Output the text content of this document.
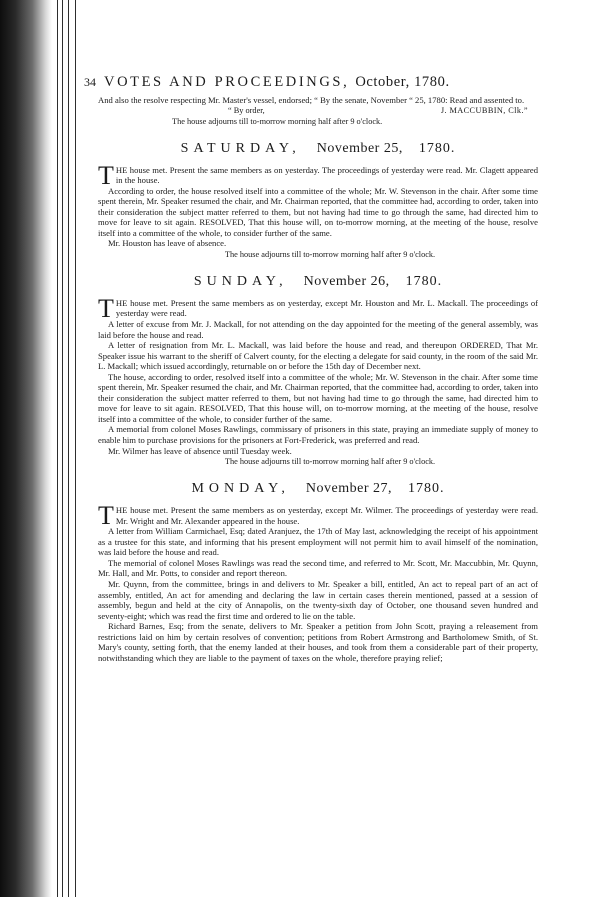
34 VOTES AND PROCEEDINGS, October, 1780.

And also the resolve respecting Mr. Master's vessel, endorsed; “ By the senate, November “ 25, 1780: Read and assented to.

“ By order,	J. MACCUBBIN, Clk.”
The house adjourns till to-morrow morning half after 9 o'clock.
SATURDAY, November 25, 1780.

THE house met. Present the same members as on yesterday. The proceedings of yesterday were read. Mr. Clagett appeared in the house.

According to order, the house resolved itself into a committee of the whole; Mr. W. Stevenson in the chair. After some time spent therein, Mr. Speaker resumed the chair, and Mr. Chairman reported, that the committee had, according to order, taken into their consideration the subject matter referred to them, but not having had time to go through the same, had directed him to move for leave to sit again. RESOLVED, That this house will, on to-morrow morning, at the meeting of the house, resolve itself into a committee of the whole, to consider further of the same.

Mr. Houston has leave of absence.

The house adjourns till to-morrow morning half after 9 o'clock.
SUNDAY, November 26, 1780.

THE house met. Present the same members as on yesterday, except Mr. Houston and Mr. L. Mackall. The proceedings of yesterday were read.

A letter of excuse from Mr. J. Mackall, for not attending on the day appointed for the meeting of the general assembly, was laid before the house and read.

A letter of resignation from Mr. L. Mackall, was laid before the house and read, and thereupon ORDERED, That Mr. Speaker issue his warrant to the sheriff of Calvert county, for the electing a delegate for said county, in the room of the said Mr. L. Mackall; which issued accordingly, returnable on or before the 15th day of December next.

The house, according to order, resolved itself into a committee of the whole; Mr. W. Stevenson in the chair. After some time spent therein, Mr. Speaker resumed the chair, and Mr. Chairman reported, that the committee had, according to order, taken into their consideration the subject matter referred to them, but not having had time to go through the same, had directed him to move for leave to sit again. RESOLVED, That this house will, on to-morrow morning, at the meeting of the house, resolve itself into a committee of the whole, to consider further of the same.

A memorial from colonel Moses Rawlings, commissary of prisoners in this state, praying an immediate supply of money to enable him to purchase provisions for the prisoners at Fort-Frederick, was preferred and read.

Mr. Wilmer has leave of absence until Tuesday week.

The house adjourns till to-morrow morning half after 9 o'clock.
MONDAY, November 27, 1780.

THE house met. Present the same members as on yesterday, except Mr. Wilmer. The proceedings of yesterday were read. Mr. Wright and Mr. Alexander appeared in the house.

A letter from William Carmichael, Esq; dated Aranjuez, the 17th of May last, acknowledging the receipt of his appointment as a trustee for this state, and informing that his present employment will not permit him to avail himself of the nomination, was laid before the house and read.

The memorial of colonel Moses Rawlings was read the second time, and referred to Mr. Scott, Mr. Maccubbin, Mr. Quynn, Mr. Hall, and Mr. Potts, to consider and report thereon.

Mr. Quynn, from the committee, brings in and delivers to Mr. Speaker a bill, entitled, An act to repeal part of an act of assembly, entitled, An act for amending and declaring the law in certain cases therein mentioned, passed at a session of assembly, begun and held at the city of Annapolis, on the twenty-sixth day of October, one thousand seven hundred and seventy-eight; which was read the first time and ordered to lie on the table.

Richard Barnes, Esq; from the senate, delivers to Mr. Speaker a petition from John Scott, praying a releasement from restrictions laid on him by certain resolves of convention; petitions from Robert Armstrong and Bartholomew Smith, of St. Mary's county, setting forth, that the enemy landed at their houses, and took from them a considerable part of their property, notwithstanding which they are liable to the payment of taxes on the whole, therefore praying relief;
